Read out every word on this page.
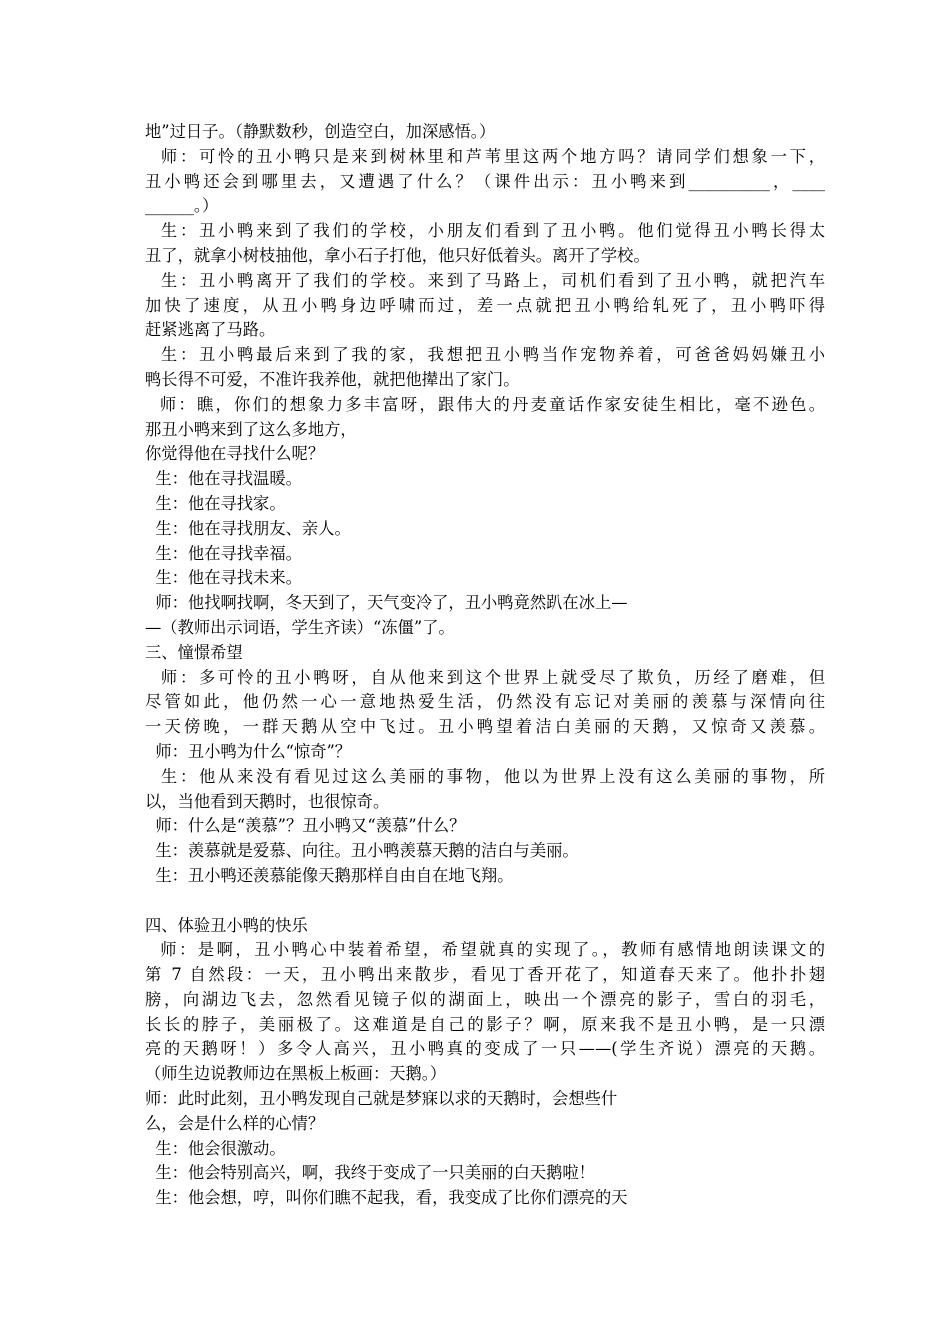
地”过日子。（静默数秒，创造空白，加深感悟。）
师：可怜的丑小鸭只是来到树林里和芦苇里这两个地方吗？请同学们想象一下，
丑小鸭还会到哪里去，又遭遇了什么？（课件出示：丑小鸭来到__________，____
______。）
生：丑小鸭来到了我们的学校，小朋友们看到了丑小鸭。他们觉得丑小鸭长得太
丑了，就拿小树枝抽他，拿小石子打他，他只好低着头。离开了学校。
生：丑小鸭离开了我们的学校。来到了马路上，司机们看到了丑小鸭，就把汽车
加快了速度，从丑小鸭身边呼啸而过，差一点就把丑小鸭给轧死了，丑小鸭吓得
赶紧逃离了马路。
生：丑小鸭最后来到了我的家，我想把丑小鸭当作宠物养着，可爸爸妈妈嫌丑小
鸭长得不可爱，不准许我养他，就把他撵出了家门。
师：瞧，你们的想象力多丰富呀，跟伟大的丹麦童话作家安徒生相比，毫不逊色。
那丑小鸭来到了这么多地方，
你觉得他在寻找什么呢？
生：他在寻找温暖。
生：他在寻找家。
生：他在寻找朋友、亲人。
生：他在寻找幸福。
生：他在寻找未来。
师：他找啊找啊，冬天到了，天气变冷了，丑小鸭竟然趴在冰上—
—（教师出示词语，学生齐读）“冻僵”了。
三、憧憬希望
师：多可怜的丑小鸭呀，自从他来到这个世界上就受尽了欺负，历经了磨难，但
尽管如此，他仍然一心一意地热爱生活，仍然没有忘记对美丽的羡慕与深情向往
一天傍晚，一群天鹅从空中飞过。丑小鸭望着洁白美丽的天鹅，又惊奇又羡慕。
师：丑小鸭为什么“惊奇”？
生：他从来没有看见过这么美丽的事物，他以为世界上没有这么美丽的事物，所
以，当他看到天鹅时，也很惊奇。
师：什么是“羡慕”？丑小鸭又“羡慕”什么？
生：羡慕就是爱慕、向往。丑小鸭羡慕天鹅的洁白与美丽。
生：丑小鸭还羡慕能像天鹅那样自由自在地飞翔。
四、体验丑小鸭的快乐
师：是啊，丑小鸭心中装着希望，希望就真的实现了。，教师有感情地朗读课文的
第 7 自然段：一天，丑小鸭出来散步，看见丁香开花了，知道春天来了。他扑扑翅
膀，向湖边飞去，忽然看见镜子似的湖面上，映出一个漂亮的影子，雪白的羽毛，
长长的脖子，美丽极了。这难道是自己的影子？啊，原来我不是丑小鸭，是一只漂
亮的天鹅呀！）多令人高兴，丑小鸭真的变成了一只——(学生齐说）漂亮的天鹅。
（师生边说教师边在黑板上板画：天鹅。）
师：此时此刻，丑小鸭发现自己就是梦寐以求的天鹅时，会想些什
么，会是什么样的心情？
生：他会很激动。
生：他会特别高兴，啊，我终于变成了一只美丽的白天鹅啦！
生：他会想，哼，叫你们瞧不起我，看，我变成了比你们漂亮的天
